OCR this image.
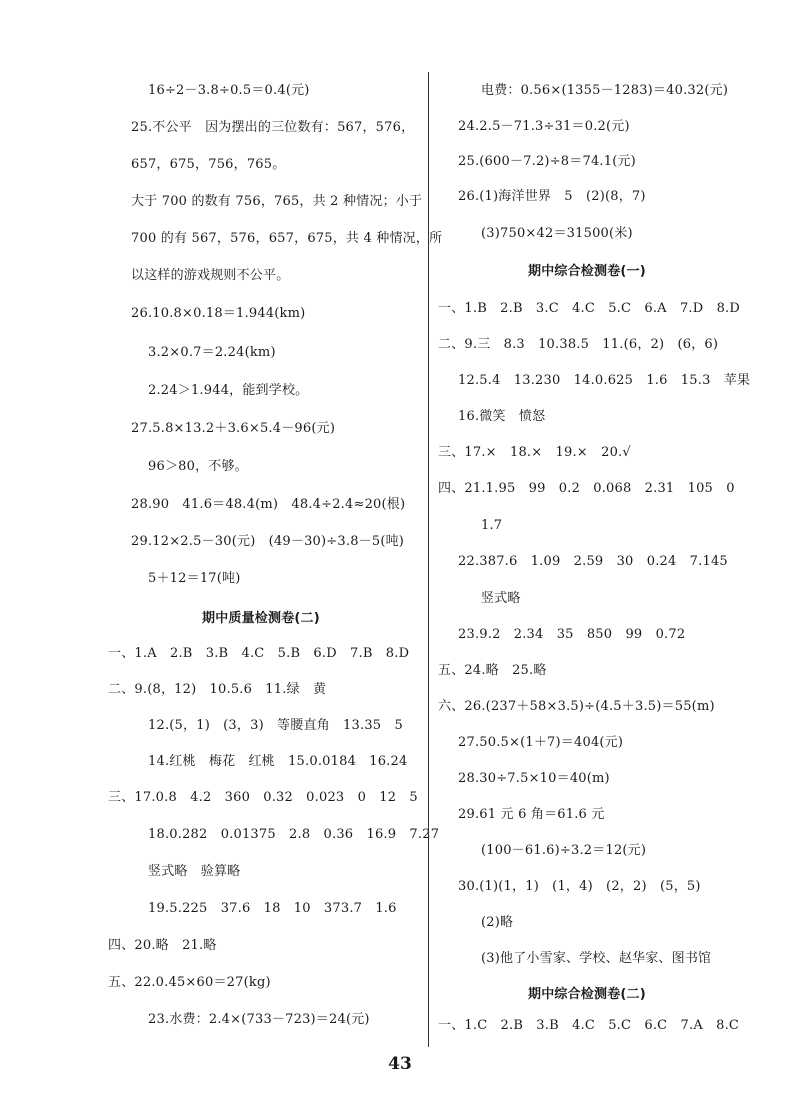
16÷2－3.8÷0.5＝0.4(元)
25.不公平　因为摆出的三位数有：567，576，
657，675，756，765。
大于 700 的数有 756，765，共 2 种情况；小于
700 的有 567，576，657，675，共 4 种情况，所
以这样的游戏规则不公平。
26.10.8×0.18＝1.944(km)
3.2×0.7＝2.24(km)
2.24＞1.944，能到学校。
27.5.8×13.2＋3.6×5.4－96(元)
96＞80，不够。
28.90　41.6＝48.4(m)　48.4÷2.4≈20(根)
29.12×2.5－30(元)　(49－30)÷3.8－5(吨)
5＋12＝17(吨)
期中质量检测卷(二)
一、1.A　2.B　3.B　4.C　5.B　6.D　7.B　8.D
二、9.(8，12)　10.5.6　11.绿　黄
12.(5，1)　(3，3)　等腰直角　13.35　5
14.红桃　梅花　红桃　15.0.0184　16.24
三、17.0.8　4.2　360　0.32　0.023　0　12　5
18.0.282　0.01375　2.8　0.36　16.9　7.27
竖式略　验算略
19.5.225　37.6　18　10　373.7　1.6
四、20.略　21.略
五、22.0.45×60＝27(kg)
23.水费：2.4×(733－723)＝24(元)
电费：0.56×(1355－1283)＝40.32(元)
24.2.5－71.3÷31＝0.2(元)
25.(600－7.2)÷8＝74.1(元)
26.(1)海洋世界　5　(2)(8，7)
(3)750×42＝31500(米)
期中综合检测卷(一)
一、1.B　2.B　3.C　4.C　5.C　6.A　7.D　8.D
二、9.三　8.3　10.38.5　11.(6，2)　(6，6)
12.5.4　13.230　14.0.625　1.6　15.3　苹果
16.微笑　愤怒
三、17.×　18.×　19.×　20.√
四、21.1.95　99　0.2　0.068　2.31　105　0
1.7
22.387.6　1.09　2.59　30　0.24　7.145
竖式略
23.9.2　2.34　35　850　99　0.72
五、24.略　25.略
六、26.(237＋58×3.5)÷(4.5＋3.5)＝55(m)
27.50.5×(1＋7)＝404(元)
28.30÷7.5×10＝40(m)
29.61 元 6 角＝61.6 元
(100－61.6)÷3.2＝12(元)
30.(1)(1，1)　(1，4)　(2，2)　(5，5)
(2)略
(3)他了小雪家、学校、赵华家、图书馆
期中综合检测卷(二)
一、1.C　2.B　3.B　4.C　5.C　6.C　7.A　8.C
43
